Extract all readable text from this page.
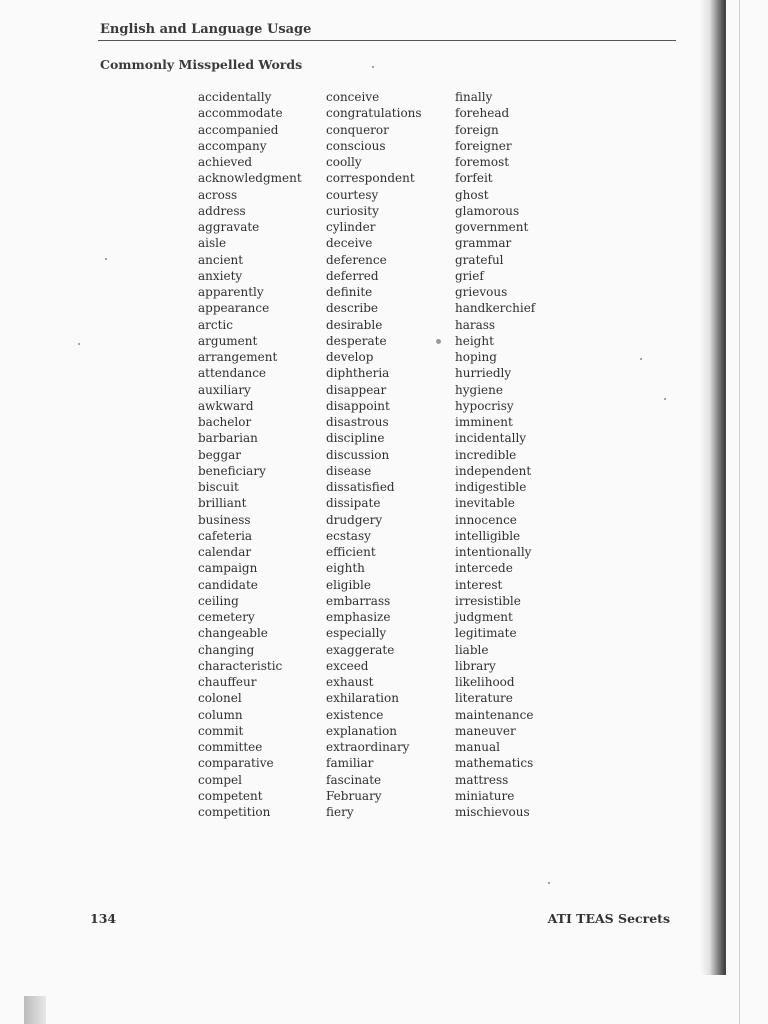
English and Language Usage
Commonly Misspelled Words
accidentally
accommodate
accompanied
accompany
achieved
acknowledgment
across
address
aggravate
aisle
ancient
anxiety
apparently
appearance
arctic
argument
arrangement
attendance
auxiliary
awkward
bachelor
barbarian
beggar
beneficiary
biscuit
brilliant
business
cafeteria
calendar
campaign
candidate
ceiling
cemetery
changeable
changing
characteristic
chauffeur
colonel
column
commit
committee
comparative
compel
competent
competition
conceive
congratulations
conqueror
conscious
coolly
correspondent
courtesy
curiosity
cylinder
deceive
deference
deferred
definite
describe
desirable
desperate
develop
diphtheria
disappear
disappoint
disastrous
discipline
discussion
disease
dissatisfied
dissipate
drudgery
ecstasy
efficient
eighth
eligible
embarrass
emphasize
especially
exaggerate
exceed
exhaust
exhilaration
existence
explanation
extraordinary
familiar
fascinate
February
fiery
finally
forehead
foreign
foreigner
foremost
forfeit
ghost
glamorous
government
grammar
grateful
grief
grievous
handkerchief
harass
height
hoping
hurriedly
hygiene
hypocrisy
imminent
incidentally
incredible
independent
indigestible
inevitable
innocence
intelligible
intentionally
intercede
interest
irresistible
judgment
legitimate
liable
library
likelihood
literature
maintenance
maneuver
manual
mathematics
mattress
miniature
mischievous
134	ATI TEAS Secrets
